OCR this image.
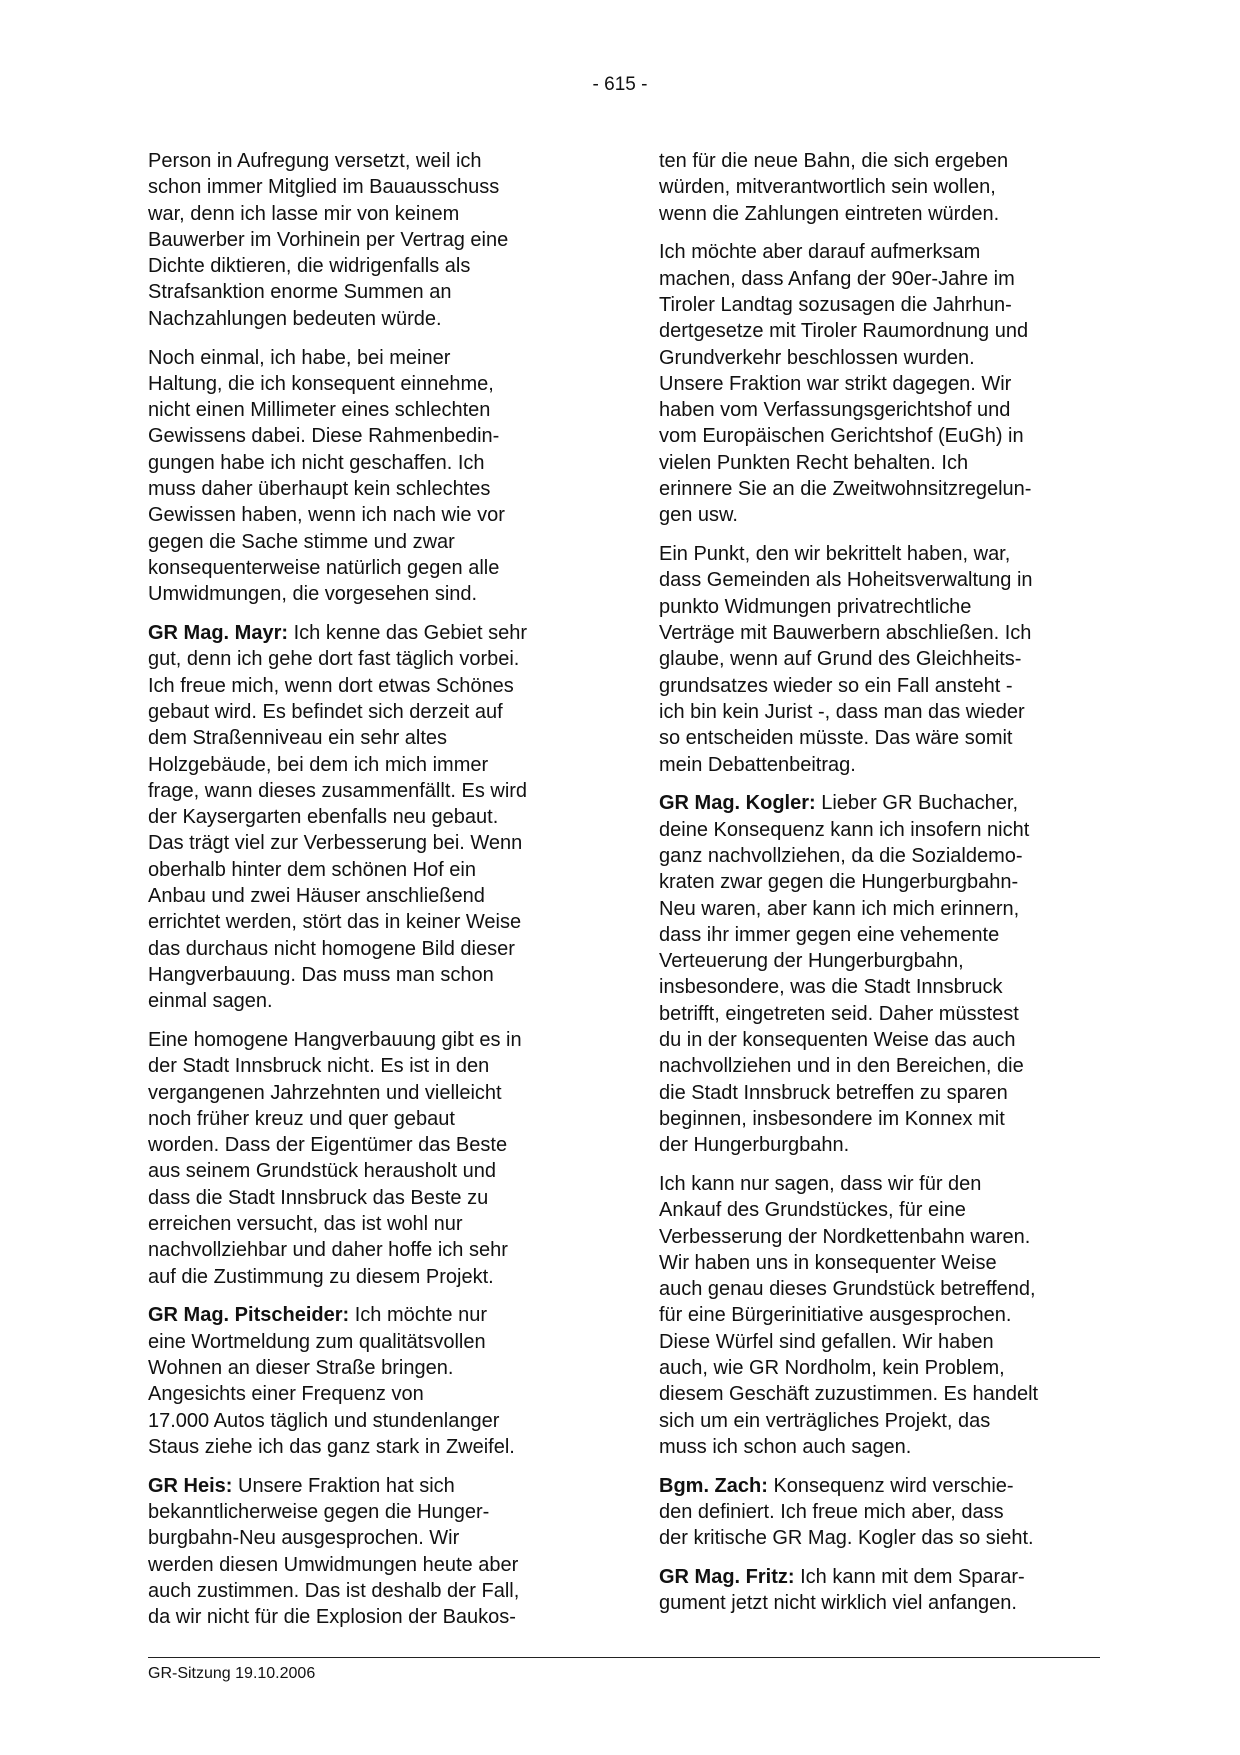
- 615 -
Person in Aufregung versetzt, weil ich
schon immer Mitglied im Bauausschuss
war, denn ich lasse mir von keinem
Bauwerber im Vorhinein per Vertrag eine
Dichte diktieren, die widrigenfalls als
Strafsanktion enorme Summen an
Nachzahlungen bedeuten würde.
Noch einmal, ich habe, bei meiner
Haltung, die ich konsequent einnehme,
nicht einen Millimeter eines schlechten
Gewissens dabei. Diese Rahmenbedin-
gungen habe ich nicht geschaffen. Ich
muss daher überhaupt kein schlechtes
Gewissen haben, wenn ich nach wie vor
gegen die Sache stimme und zwar
konsequenterweise natürlich gegen alle
Umwidmungen, die vorgesehen sind.
GR Mag. Mayr: Ich kenne das Gebiet sehr
gut, denn ich gehe dort fast täglich vorbei.
Ich freue mich, wenn dort etwas Schönes
gebaut wird. Es befindet sich derzeit auf
dem Straßenniveau ein sehr altes
Holzgebäude, bei dem ich mich immer
frage, wann dieses zusammenfällt. Es wird
der Kaysergarten ebenfalls neu gebaut.
Das trägt viel zur Verbesserung bei. Wenn
oberhalb hinter dem schönen Hof ein
Anbau und zwei Häuser anschließend
errichtet werden, stört das in keiner Weise
das durchaus nicht homogene Bild dieser
Hangverbauung. Das muss man schon
einmal sagen.
Eine homogene Hangverbauung gibt es in
der Stadt Innsbruck nicht. Es ist in den
vergangenen Jahrzehnten und vielleicht
noch früher kreuz und quer gebaut
worden. Dass der Eigentümer das Beste
aus seinem Grundstück herausholt und
dass die Stadt Innsbruck das Beste zu
erreichen versucht, das ist wohl nur
nachvollziehbar und daher hoffe ich sehr
auf die Zustimmung zu diesem Projekt.
GR Mag. Pitscheider: Ich möchte nur
eine Wortmeldung zum qualitätsvollen
Wohnen an dieser Straße bringen.
Angesichts einer Frequenz von
17.000 Autos täglich und stundenlanger
Staus ziehe ich das ganz stark in Zweifel.
GR Heis: Unsere Fraktion hat sich
bekanntlicherweise gegen die Hunger-
burgbahn-Neu ausgesprochen. Wir
werden diesen Umwidmungen heute aber
auch zustimmen. Das ist deshalb der Fall,
da wir nicht für die Explosion der Baukos-
ten für die neue Bahn, die sich ergeben
würden, mitverantwortlich sein wollen,
wenn die Zahlungen eintreten würden.
Ich möchte aber darauf aufmerksam
machen, dass Anfang der 90er-Jahre im
Tiroler Landtag sozusagen die Jahrhun-
dertgesetze mit Tiroler Raumordnung und
Grundverkehr beschlossen wurden.
Unsere Fraktion war strikt dagegen. Wir
haben vom Verfassungsgerichtshof und
vom Europäischen Gerichtshof (EuGh) in
vielen Punkten Recht behalten. Ich
erinnere Sie an die Zweitwohnsitzregelun-
gen usw.
Ein Punkt, den wir bekrittelt haben, war,
dass Gemeinden als Hoheitsverwaltung in
punkto Widmungen privatrechtliche
Verträge mit Bauwerbern abschließen. Ich
glaube, wenn auf Grund des Gleichheits-
grundsatzes wieder so ein Fall ansteht -
ich bin kein Jurist -, dass man das wieder
so entscheiden müsste. Das wäre somit
mein Debattenbeitrag.
GR Mag. Kogler: Lieber GR Buchacher,
deine Konsequenz kann ich insofern nicht
ganz nachvollziehen, da die Sozialdemo-
kraten zwar gegen die Hungerburgbahn-
Neu waren, aber kann ich mich erinnern,
dass ihr immer gegen eine vehemente
Verteuerung der Hungerburgbahn,
insbesondere, was die Stadt Innsbruck
betrifft, eingetreten seid. Daher müsstest
du in der konsequenten Weise das auch
nachvollziehen und in den Bereichen, die
die Stadt Innsbruck betreffen zu sparen
beginnen, insbesondere im Konnex mit
der Hungerburgbahn.
Ich kann nur sagen, dass wir für den
Ankauf des Grundstückes, für eine
Verbesserung der Nordkettenbahn waren.
Wir haben uns in konsequenter Weise
auch genau dieses Grundstück betreffend,
für eine Bürgerinitiative ausgesprochen.
Diese Würfel sind gefallen. Wir haben
auch, wie GR Nordholm, kein Problem,
diesem Geschäft zuzustimmen. Es handelt
sich um ein verträgliches Projekt, das
muss ich schon auch sagen.
Bgm. Zach: Konsequenz wird verschie-
den definiert. Ich freue mich aber, dass
der kritische GR Mag. Kogler das so sieht.
GR Mag. Fritz: Ich kann mit dem Sparar-
gument jetzt nicht wirklich viel anfangen.
GR-Sitzung 19.10.2006
